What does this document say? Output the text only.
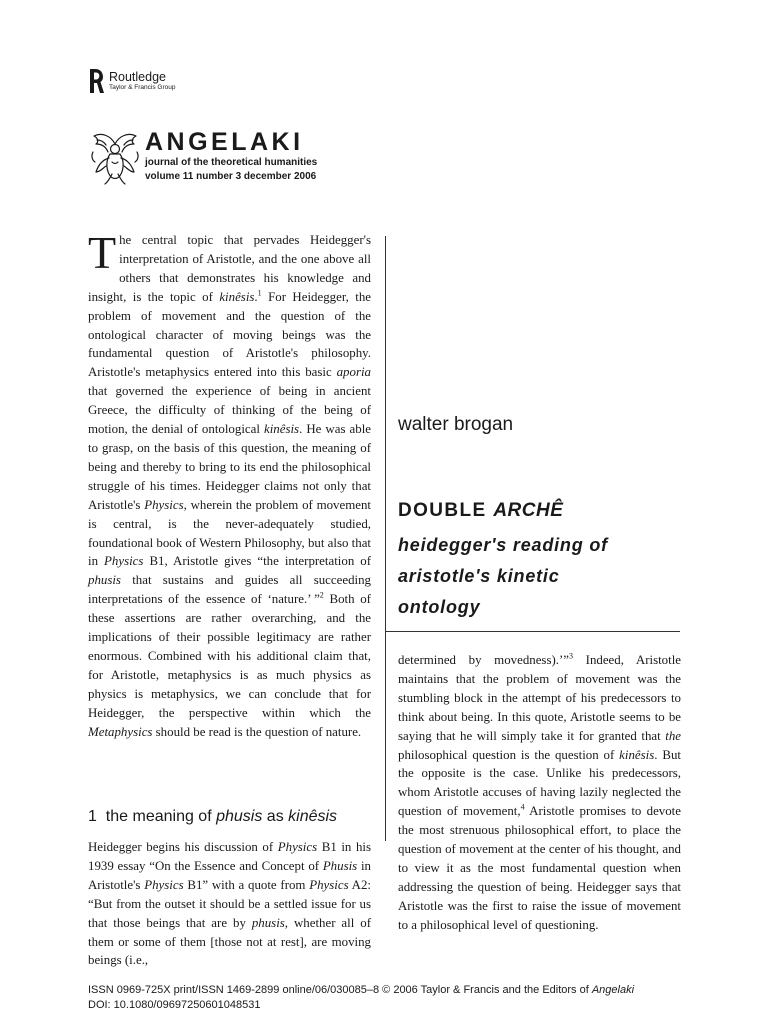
Routledge
Taylor & Francis Group
ANGELAKI
journal of the theoretical humanities
volume 11 number 3 december 2006

The central topic that pervades Heidegger's interpretation of Aristotle, and the one above all others that demonstrates his knowledge and insight, is the topic of kinêsis.$^1$ For Heidegger, the problem of movement and the question of the ontological character of moving beings was the fundamental question of Aristotle's philosophy. Aristotle's metaphysics entered into this basic aporia that governed the experience of being in ancient Greece, the difficulty of thinking of the being of motion, the denial of ontological kinêsis. He was able to grasp, on the basis of this question, the meaning of being and thereby to bring to its end the philosophical struggle of his times. Heidegger claims not only that Aristotle's Physics, wherein the problem of movement is central, is the never-adequately studied, foundational book of Western Philosophy, but also that in Physics B1, Aristotle gives “the interpretation of phusis that sustains and guides all succeeding interpretations of the essence of ‘nature.’ ”$^2$ Both of these assertions are rather overarching, and the implications of their possible legitimacy are rather enormous. Combined with his additional claim that, for Aristotle, metaphysics is as much physics as physics is metaphysics, we can conclude that for Heidegger, the perspective within which the Metaphysics should be read is the question of nature.

1 the meaning of phusis as kinêsis

Heidegger begins his discussion of Physics B1 in his 1939 essay “On the Essence and Concept of Phusis in Aristotle's Physics B1” with a quote from Physics A2: “But from the outset it should be a settled issue for us that those beings that are by phusis, whether all of them or some of them [those not at rest], are moving beings (i.e.,

walter brogan
DOUBLE ARCHÊ
heidegger's reading of
aristotle's kinetic
ontology

determined by movedness).’”$^3$ Indeed, Aristotle maintains that the problem of movement was the stumbling block in the attempt of his predecessors to think about being. In this quote, Aristotle seems to be saying that he will simply take it for granted that the philosophical question is the question of kinêsis. But the opposite is the case. Unlike his predecessors, whom Aristotle accuses of having lazily neglected the question of movement,$^4$ Aristotle promises to devote the most strenuous philosophical effort, to place the question of movement at the center of his thought, and to view it as the most fundamental question when addressing the question of being. Heidegger says that Aristotle was the first to raise the issue of movement to a philosophical level of questioning.

ISSN 0969-725X print/ISSN 1469-2899 online/06/030085–8 © 2006 Taylor & Francis and the Editors of Angelaki
DOI: 10.1080/09697250601048531
